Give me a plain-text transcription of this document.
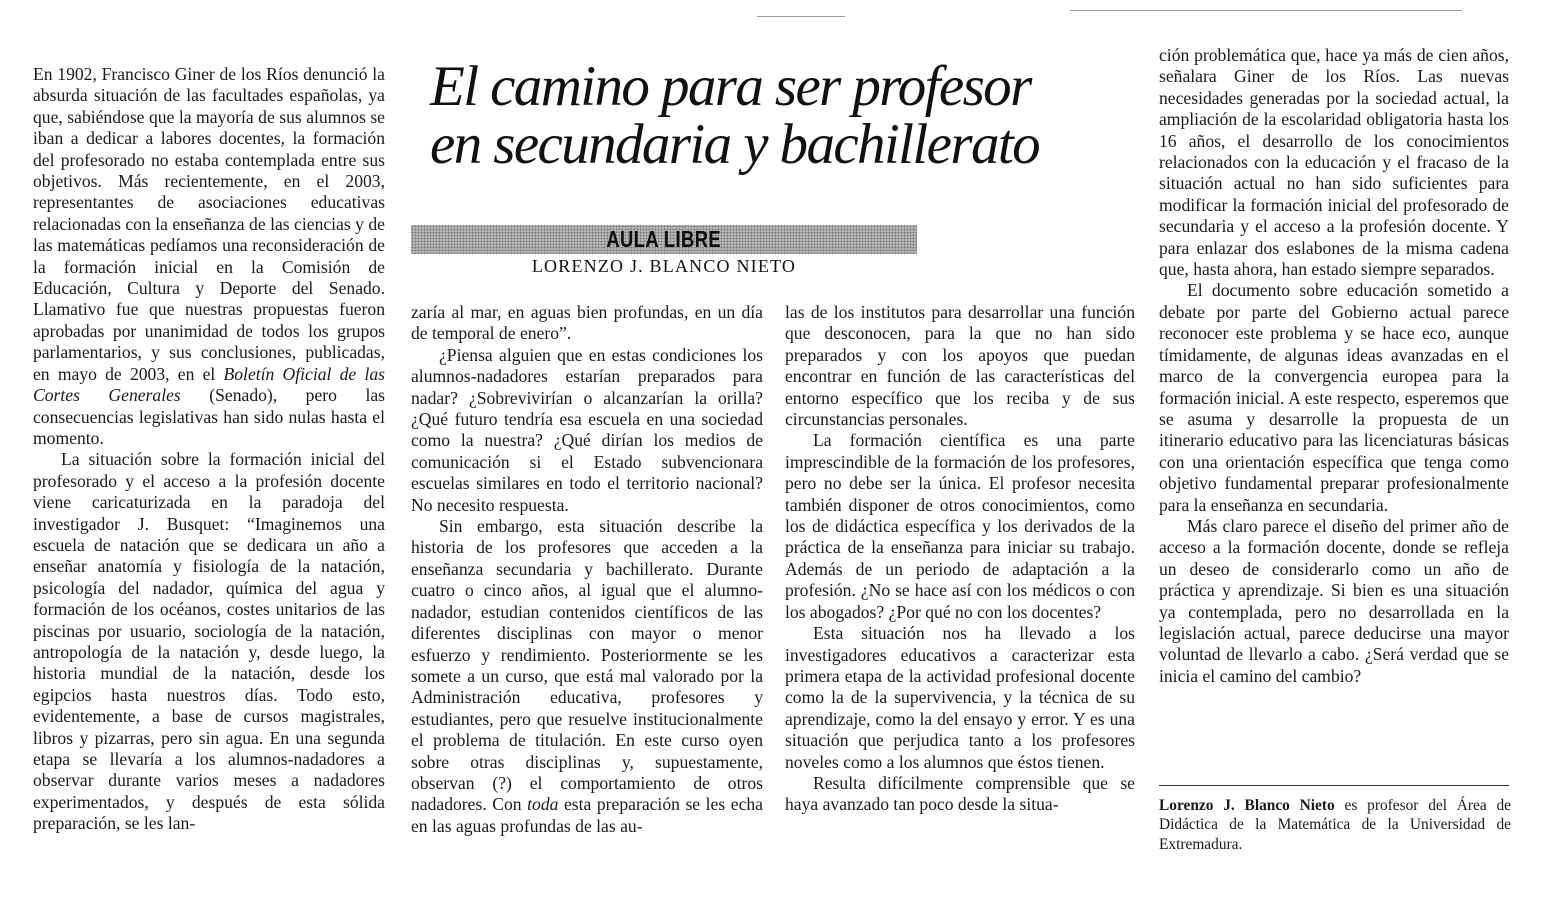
En 1902, Francisco Giner de los Ríos denunció la absurda situación de las facultades españolas, ya que, sabiéndose que la mayoría de sus alumnos se iban a dedicar a labores docentes, la formación del profesorado no estaba contemplada entre sus objetivos. Más recientemente, en el 2003, representantes de asociaciones educativas relacionadas con la enseñanza de las ciencias y de las matemáticas pedíamos una reconsideración de la formación inicial en la Comisión de Educación, Cultura y Deporte del Senado. Llamativo fue que nuestras propuestas fueron aprobadas por unanimidad de todos los grupos parlamentarios, y sus conclusiones, publicadas, en mayo de 2003, en el Boletín Oficial de las Cortes Generales (Senado), pero las consecuencias legislativas han sido nulas hasta el momento.

La situación sobre la formación inicial del profesorado y el acceso a la profesión docente viene caricaturizada en la paradoja del investigador J. Busquet: “Imaginemos una escuela de natación que se dedicara un año a enseñar anatomía y fisiología de la natación, psicología del nadador, química del agua y formación de los océanos, costes unitarios de las piscinas por usuario, sociología de la natación, antropología de la natación y, desde luego, la historia mundial de la natación, desde los egipcios hasta nuestros días. Todo esto, evidentemente, a base de cursos magistrales, libros y pizarras, pero sin agua. En una segunda etapa se llevaría a los alumnos-nadadores a observar durante varios meses a nadadores experimentados, y después de esta sólida preparación, se les lan-

El camino para ser profesor
en secundaria y bachillerato
AULA LIBRE
LORENZO J. BLANCO NIETO

zaría al mar, en aguas bien profundas, en un día de temporal de enero”.

¿Piensa alguien que en estas condiciones los alumnos-nadadores estarían preparados para nadar? ¿Sobrevivirían o alcanzarían la orilla? ¿Qué futuro tendría esa escuela en una sociedad como la nuestra? ¿Qué dirían los medios de comunicación si el Estado subvencionara escuelas similares en todo el territorio nacional? No necesito respuesta.

Sin embargo, esta situación describe la historia de los profesores que acceden a la enseñanza secundaria y bachillerato. Durante cuatro o cinco años, al igual que el alumno-nadador, estudian contenidos científicos de las diferentes disciplinas con mayor o menor esfuerzo y rendimiento. Posteriormente se les somete a un curso, que está mal valorado por la Administración educativa, profesores y estudiantes, pero que resuelve institucionalmente el problema de titulación. En este curso oyen sobre otras disciplinas y, supuestamente, observan (?) el comportamiento de otros nadadores. Con toda esta preparación se les echa en las aguas profundas de las au-

las de los institutos para desarrollar una función que desconocen, para la que no han sido preparados y con los apoyos que puedan encontrar en función de las características del entorno específico que los reciba y de sus circunstancias personales.

La formación científica es una parte imprescindible de la formación de los profesores, pero no debe ser la única. El profesor necesita también disponer de otros conocimientos, como los de didáctica específica y los derivados de la práctica de la enseñanza para iniciar su trabajo. Además de un periodo de adaptación a la profesión. ¿No se hace así con los médicos o con los abogados? ¿Por qué no con los docentes?

Esta situación nos ha llevado a los investigadores educativos a caracterizar esta primera etapa de la actividad profesional docente como la de la supervivencia, y la técnica de su aprendizaje, como la del ensayo y error. Y es una situación que perjudica tanto a los profesores noveles como a los alumnos que éstos tienen.

Resulta difícilmente comprensible que se haya avanzado tan poco desde la situa-

ción problemática que, hace ya más de cien años, señalara Giner de los Ríos. Las nuevas necesidades generadas por la sociedad actual, la ampliación de la escolaridad obligatoria hasta los 16 años, el desarrollo de los conocimientos relacionados con la educación y el fracaso de la situación actual no han sido suficientes para modificar la formación inicial del profesorado de secundaria y el acceso a la profesión docente. Y para enlazar dos eslabones de la misma cadena que, hasta ahora, han estado siempre separados.

El documento sobre educación sometido a debate por parte del Gobierno actual parece reconocer este problema y se hace eco, aunque tímidamente, de algunas ideas avanzadas en el marco de la convergencia europea para la formación inicial. A este respecto, esperemos que se asuma y desarrolle la propuesta de un itinerario educativo para las licenciaturas básicas con una orientación específica que tenga como objetivo fundamental preparar profesionalmente para la enseñanza en secundaria.

Más claro parece el diseño del primer año de acceso a la formación docente, donde se refleja un deseo de considerarlo como un año de práctica y aprendizaje. Si bien es una situación ya contemplada, pero no desarrollada en la legislación actual, parece deducirse una mayor voluntad de llevarlo a cabo. ¿Será verdad que se inicia el camino del cambio?

Lorenzo J. Blanco Nieto es profesor del Área de Didáctica de la Matemática de la Universidad de Extremadura.
